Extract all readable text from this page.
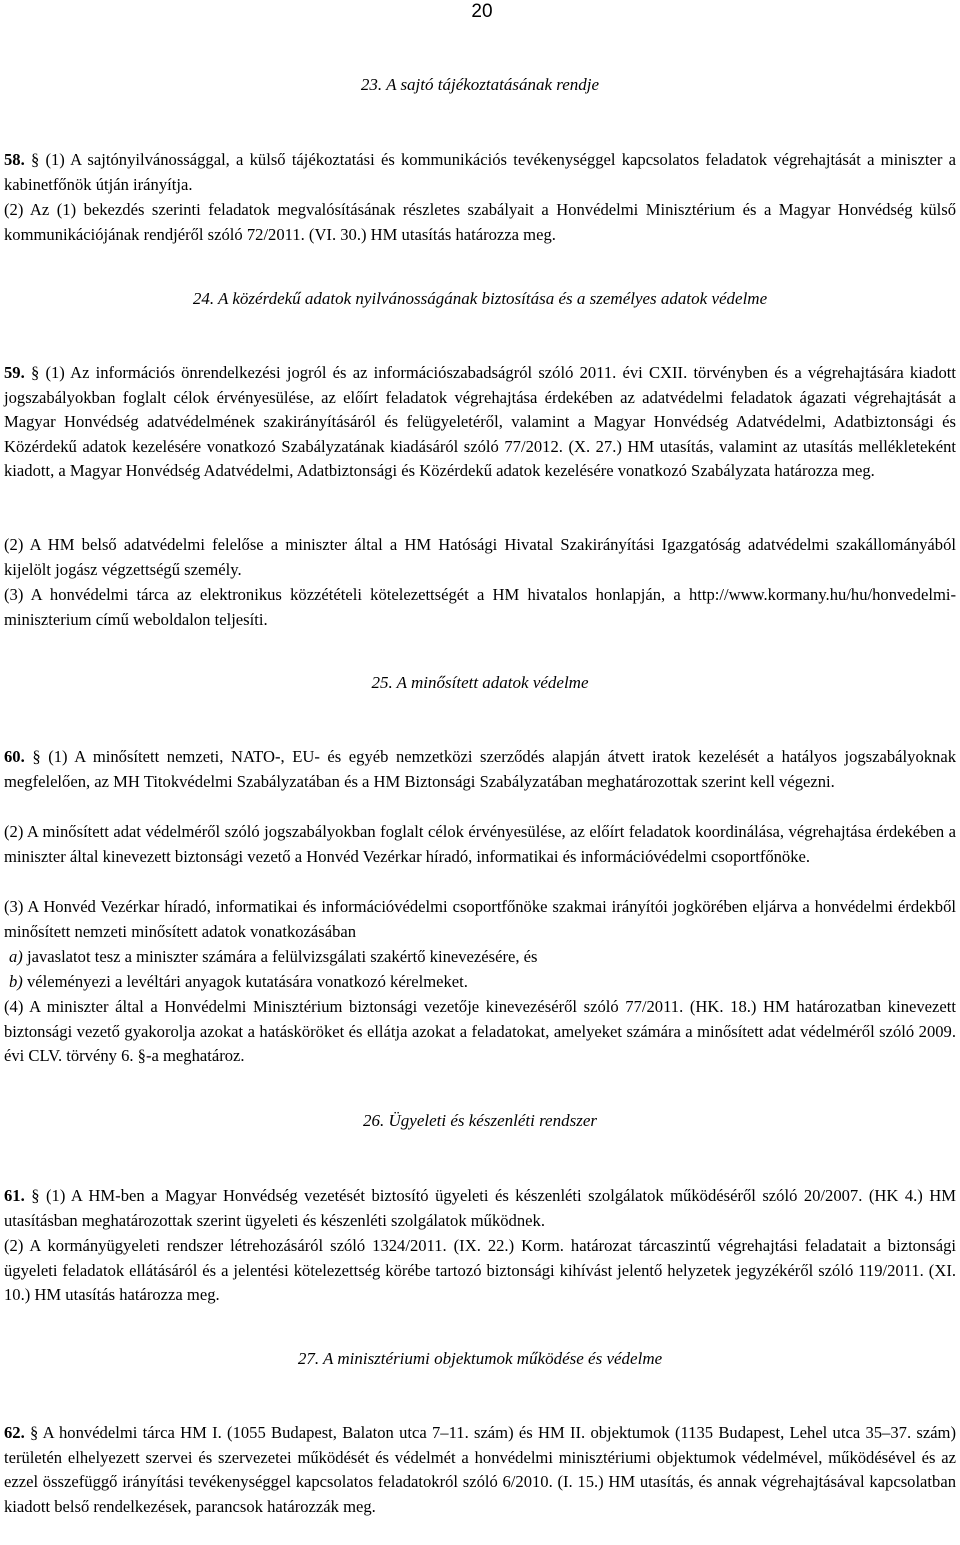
20
23. A sajtó tájékoztatásának rendje

58. § (1) A sajtónyilvánossággal, a külső tájékoztatási és kommunikációs tevékenységgel kapcsolatos feladatok végrehajtását a miniszter a kabinetfőnök útján irányítja.

(2) Az (1) bekezdés szerinti feladatok megvalósításának részletes szabályait a Honvédelmi Minisztérium és a Magyar Honvédség külső kommunikációjának rendjéről szóló 72/2011. (VI. 30.) HM utasítás határozza meg.

24. A közérdekű adatok nyilvánosságának biztosítása és a személyes adatok védelme

59. § (1) Az információs önrendelkezési jogról és az információszabadságról szóló 2011. évi CXII. törvényben és a végrehajtására kiadott jogszabályokban foglalt célok érvényesülése, az előírt feladatok végrehajtása érdekében az adatvédelmi feladatok ágazati végrehajtását a Magyar Honvédség adatvédelmének szakirányításáról és felügyeletéről, valamint a Magyar Honvédség Adatvédelmi, Adatbiztonsági és Közérdekű adatok kezelésére vonatkozó Szabályzatának kiadásáról szóló 77/2012. (X. 27.) HM utasítás, valamint az utasítás mellékleteként kiadott, a Magyar Honvédség Adatvédelmi, Adatbiztonsági és Közérdekű adatok kezelésére vonatkozó Szabályzata határozza meg.

(2) A HM belső adatvédelmi felelőse a miniszter által a HM Hatósági Hivatal Szakirányítási Igazgatóság adatvédelmi szakállományából kijelölt jogász végzettségű személy.

(3) A honvédelmi tárca az elektronikus közzétételi kötelezettségét a HM hivatalos honlapján, a http://www.kormany.hu/hu/honvedelmi-miniszterium című weboldalon teljesíti.

25. A minősített adatok védelme

60. § (1) A minősített nemzeti, NATO-, EU- és egyéb nemzetközi szerződés alapján átvett iratok kezelését a hatályos jogszabályoknak megfelelően, az MH Titokvédelmi Szabályzatában és a HM Biztonsági Szabályzatában meghatározottak szerint kell végezni.

(2) A minősített adat védelméről szóló jogszabályokban foglalt célok érvényesülése, az előírt feladatok koordinálása, végrehajtása érdekében a miniszter által kinevezett biztonsági vezető a Honvéd Vezérkar híradó, informatikai és információvédelmi csoportfőnöke.

(3) A Honvéd Vezérkar híradó, informatikai és információvédelmi csoportfőnöke szakmai irányítói jogkörében eljárva a honvédelmi érdekből minősített nemzeti minősített adatok vonatkozásában

a) javaslatot tesz a miniszter számára a felülvizsgálati szakértő kinevezésére, és

b) véleményezi a levéltári anyagok kutatására vonatkozó kérelmeket.

(4) A miniszter által a Honvédelmi Minisztérium biztonsági vezetője kinevezéséről szóló 77/2011. (HK. 18.) HM határozatban kinevezett biztonsági vezető gyakorolja azokat a hatásköröket és ellátja azokat a feladatokat, amelyeket számára a minősített adat védelméről szóló 2009. évi CLV. törvény 6. §-a meghatároz.

26. Ügyeleti és készenléti rendszer

61. § (1) A HM-ben a Magyar Honvédség vezetését biztosító ügyeleti és készenléti szolgálatok működéséről szóló 20/2007. (HK 4.) HM utasításban meghatározottak szerint ügyeleti és készenléti szolgálatok működnek.

(2) A kormányügyeleti rendszer létrehozásáról szóló 1324/2011. (IX. 22.) Korm. határozat tárcaszintű végrehajtási feladatait a biztonsági ügyeleti feladatok ellátásáról és a jelentési kötelezettség körébe tartozó biztonsági kihívást jelentő helyzetek jegyzékéről szóló 119/2011. (XI. 10.) HM utasítás határozza meg.

27. A minisztériumi objektumok működése és védelme

62. § A honvédelmi tárca HM I. (1055 Budapest, Balaton utca 7–11. szám) és HM II. objektumok (1135 Budapest, Lehel utca 35–37. szám) területén elhelyezett szervei és szervezetei működését és védelmét a honvédelmi minisztériumi objektumok védelmével, működésével és az ezzel összefüggő irányítási tevékenységgel kapcsolatos feladatokról szóló 6/2010. (I. 15.) HM utasítás, és annak végrehajtásával kapcsolatban kiadott belső rendelkezések, parancsok határozzák meg.
